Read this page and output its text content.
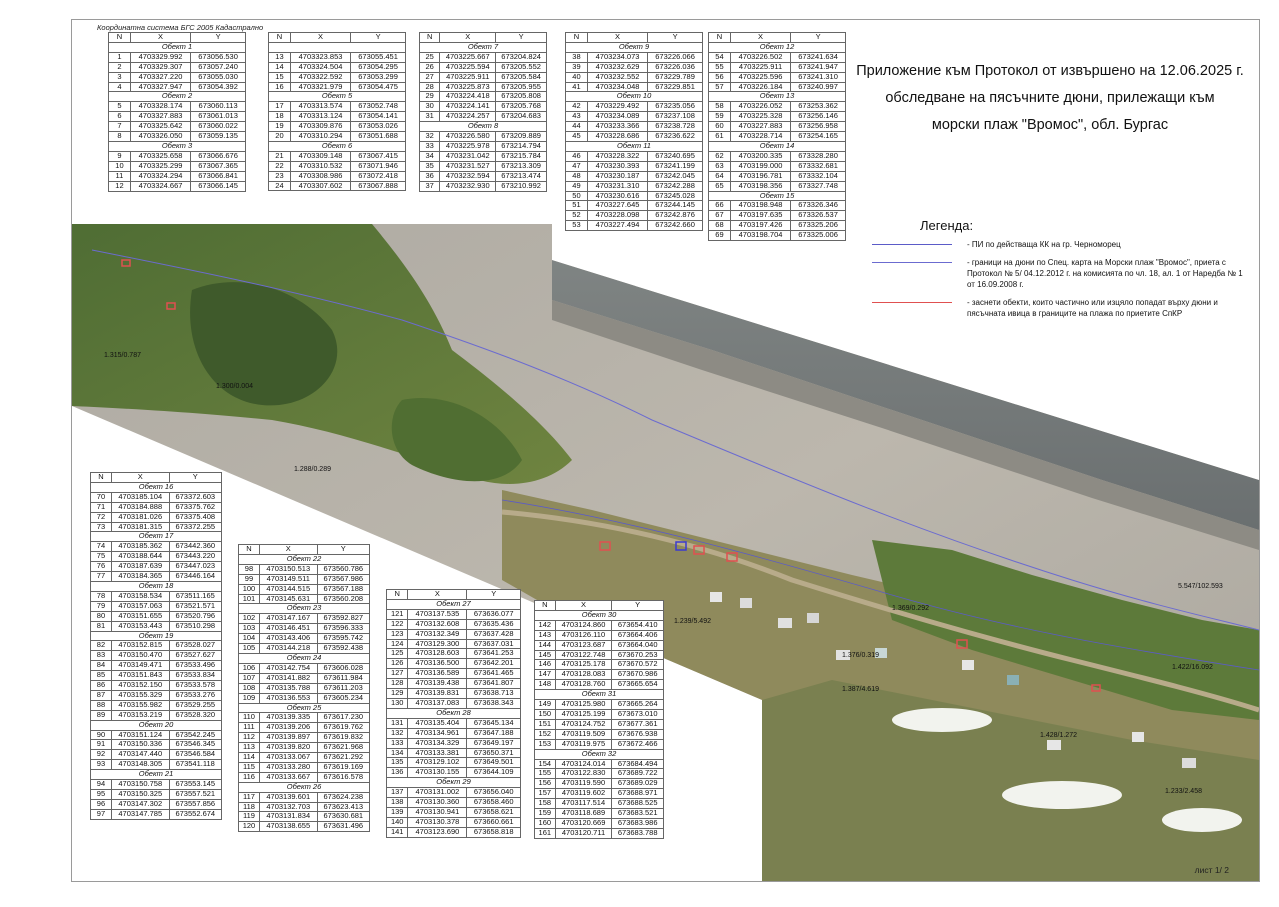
Координатна система БГС 2005 Кадастрално
Приложение към Протокол от извършено на 12.06.2025 г.
обследване на пясъчните дюни, прилежащи към
морски плаж "Вромос", обл. Бургас
Легенда:
- ПИ по действаща КК на гр. Черноморец
- граници на дюни по Спец. карта на Морски плаж "Вромос", приета с Протокол № 5/ 04.12.2012 г. на комисията по чл. 18, ал. 1 от Наредба № 1 от 16.09.2008 г.
- заснети обекти, които частично или изцяло попадат върху дюни и пясъчната ивица в границите на плажа по приетите СпКР
1.315/0.787
1.300/0.004
1.288/0.289
1.239/5.492
1.369/0.292
1.376/0.319
1.387/4.619
1.428/1.272
1.233/2.458
5.547/102.593
1.422/16.092
лист 1/ 2
N	X	Y
Обект 1		
1	4703329.992	673056.530
2	4703329.307	673057.240
3	4703327.220	673055.030
4	4703327.947	673054.392
Обект 2		
5	4703328.174	673060.113
6	4703327.883	673061.013
7	4703325.642	673060.022
8	4703326.050	673059.135
Обект 3		
9	4703325.658	673066.676
10	4703325.299	673067.365
11	4703324.294	673066.841
12	4703324.667	673066.145
N	X	Y

13	4703323.853	673055.451
14	4703324.504	673054.295
15	4703322.592	673053.299
16	4703321.979	673054.475
Обект 5		
17	4703313.574	673052.748
18	4703313.124	673054.141
19	4703309.876	673053.026
20	4703310.294	673051.688
Обект 6		
21	4703309.148	673067.415
22	4703310.532	673071.946
23	4703308.986	673072.418
24	4703307.602	673067.888
N	X	Y
Обект 7		
25	4703225.667	673204.824
26	4703225.594	673205.552
27	4703225.911	673205.584
28	4703225.873	673205.955
29	4703224.418	673205.808
30	4703224.141	673205.768
31	4703224.257	673204.683
Обект 8		
32	4703226.580	673209.889
33	4703225.978	673214.794
34	4703231.042	673215.784
35	4703231.527	673213.309
36	4703232.594	673213.474
37	4703232.930	673210.992
N	X	Y
Обект 9		
38	4703234.073	673226.066
39	4703232.629	673226.036
40	4703232.552	673229.789
41	4703234.048	673229.851
Обект 10		
42	4703229.492	673235.056
43	4703234.089	673237.108
44	4703233.366	673238.728
45	4703228.686	673236.622
Обект 11		
46	4703228.322	673240.695
47	4703230.393	673241.199
48	4703230.187	673242.045
49	4703231.310	673242.288
50	4703230.616	673245.028
51	4703227.645	673244.145
52	4703228.098	673242.876
53	4703227.494	673242.660
N	X	Y
Обект 12		
54	4703226.502	673241.634
55	4703225.911	673241.947
56	4703225.596	673241.310
57	4703226.184	673240.997
Обект 13		
58	4703226.052	673253.362
59	4703225.328	673256.146
60	4703227.883	673256.958
61	4703228.714	673254.165
Обект 14		
62	4703200.335	673328.280
63	4703199.000	673332.681
64	4703196.781	673332.104
65	4703198.356	673327.748
Обект 15		
66	4703198.948	673326.346
67	4703197.635	673326.537
68	4703197.426	673325.206
69	4703198.704	673325.006
N	X	Y
Обект 16		
70	4703185.104	673372.603
71	4703184.888	673375.762
72	4703181.026	673375.408
73	4703181.315	673372.255
Обект 17		
74	4703185.362	673442.360
75	4703188.644	673443.220
76	4703187.639	673447.023
77	4703184.365	673446.164
Обект 18		
78	4703158.534	673511.165
79	4703157.063	673521.571
80	4703151.655	673520.796
81	4703153.443	673510.298
Обект 19		
82	4703152.815	673528.027
83	4703150.470	673527.627
84	4703149.471	673533.496
85	4703151.843	673533.834
86	4703152.150	673533.578
87	4703155.329	673533.276
88	4703155.982	673529.255
89	4703153.219	673528.320
Обект 20		
90	4703151.124	673542.245
91	4703150.336	673546.345
92	4703147.440	673546.584
93	4703148.305	673541.118
Обект 21		
94	4703150.758	673553.145
95	4703150.325	673557.521
96	4703147.302	673557.856
97	4703147.785	673552.674
N	X	Y
Обект 22		
98	4703150.513	673560.786
99	4703149.511	673567.986
100	4703144.515	673567.188
101	4703145.631	673560.208
Обект 23		
102	4703147.167	673592.827
103	4703146.451	673596.333
104	4703143.406	673595.742
105	4703144.218	673592.438
Обект 24		
106	4703142.754	673606.028
107	4703141.882	673611.984
108	4703135.788	673611.203
109	4703136.553	673605.234
Обект 25		
110	4703139.335	673617.230
111	4703139.206	673619.762
112	4703139.897	673619.832
113	4703139.820	673621.968
114	4703133.067	673621.292
115	4703133.280	673619.169
116	4703133.667	673616.578
Обект 26		
117	4703139.601	673624.238
118	4703132.703	673623.413
119	4703131.834	673630.681
120	4703138.655	673631.496
N	X	Y
Обект 27		
121	4703137.535	673636.077
122	4703132.608	673635.436
123	4703132.349	673637.428
124	4703129.300	673637.031
125	4703128.603	673641.253
126	4703136.500	673642.201
127	4703136.589	673641.465
128	4703139.438	673641.807
129	4703139.831	673638.713
130	4703137.083	673638.343
Обект 28		
131	4703135.404	673645.134
132	4703134.961	673647.188
133	4703134.329	673649.197
134	4703133.381	673650.371
135	4703129.102	673649.501
136	4703130.155	673644.109
Обект 29		
137	4703131.002	673656.040
138	4703130.360	673658.460
139	4703130.941	673658.621
140	4703130.378	673660.661
141	4703123.690	673658.818
N	X	Y
Обект 30		
142	4703124.860	673654.410
143	4703126.110	673664.406
144	4703123.687	673664.040
145	4703122.748	673670.253
146	4703125.178	673670.572
147	4703128.083	673670.986
148	4703128.760	673665.654
Обект 31		
149	4703125.980	673665.264
150	4703125.199	673673.010
151	4703124.752	673677.361
152	4703119.509	673676.938
153	4703119.975	673672.466
Обект 32		
154	4703124.014	673684.494
155	4703122.830	673689.722
156	4703119.590	673689.029
157	4703119.602	673688.971
158	4703117.514	673688.525
159	4703118.689	673683.521
160	4703120.669	673683.986
161	4703120.711	673683.788
